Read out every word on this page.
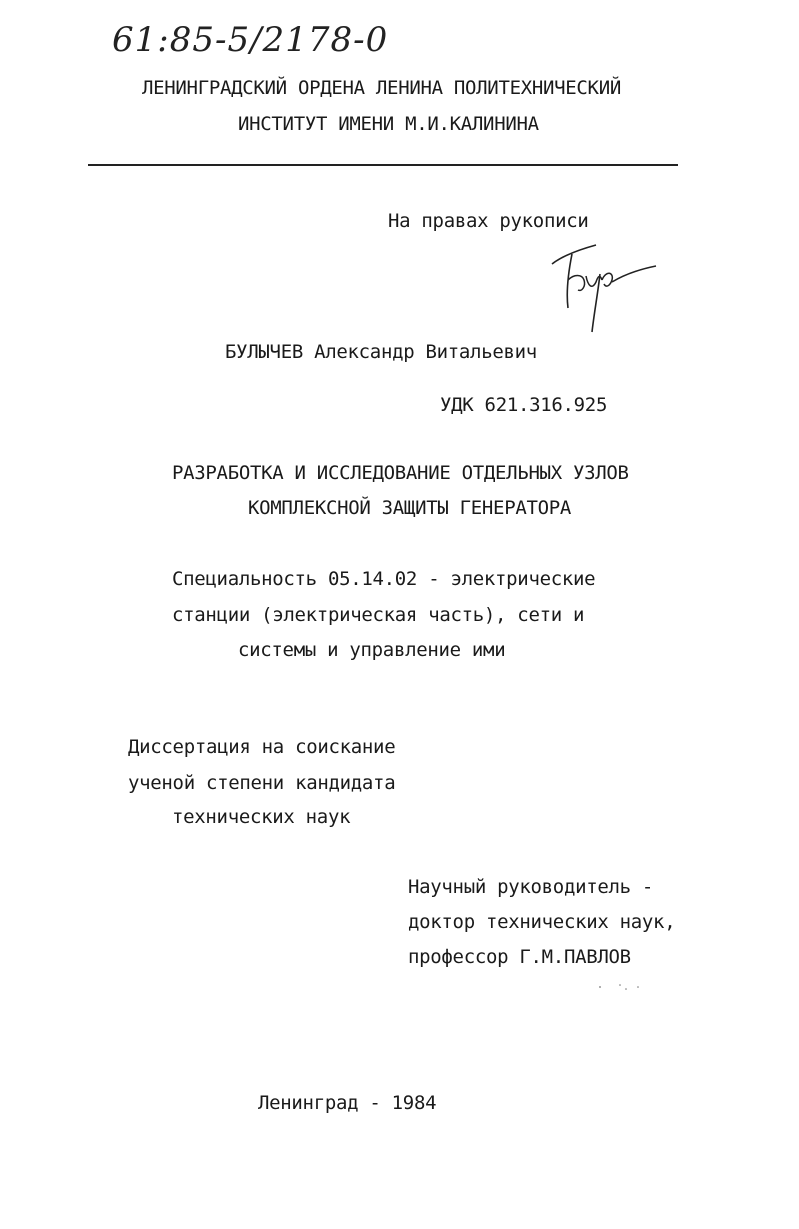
61:85-5/2178-0
ЛЕНИНГРАДСКИЙ ОРДЕНА ЛЕНИНА ПОЛИТЕХНИЧЕСКИЙ
ИНСТИТУТ ИМЕНИ М.И.КАЛИНИНА
На правах рукописи
БУЛЫЧЕВ Александр Витальевич
УДК 621.316.925
РАЗРАБОТКА И ИССЛЕДОВАНИЕ ОТДЕЛЬНЫХ УЗЛОВ
КОМПЛЕКСНОЙ ЗАЩИТЫ ГЕНЕРАТОРА
Специальность 05.14.02 - электрические
станции (электрическая часть), сети и
системы и управление ими
Диссертация на соискание
ученой степени кандидата
технических наук
Научный руководитель -
доктор технических наук,
профессор Г.М.ПАВЛОВ
Ленинград - 1984
